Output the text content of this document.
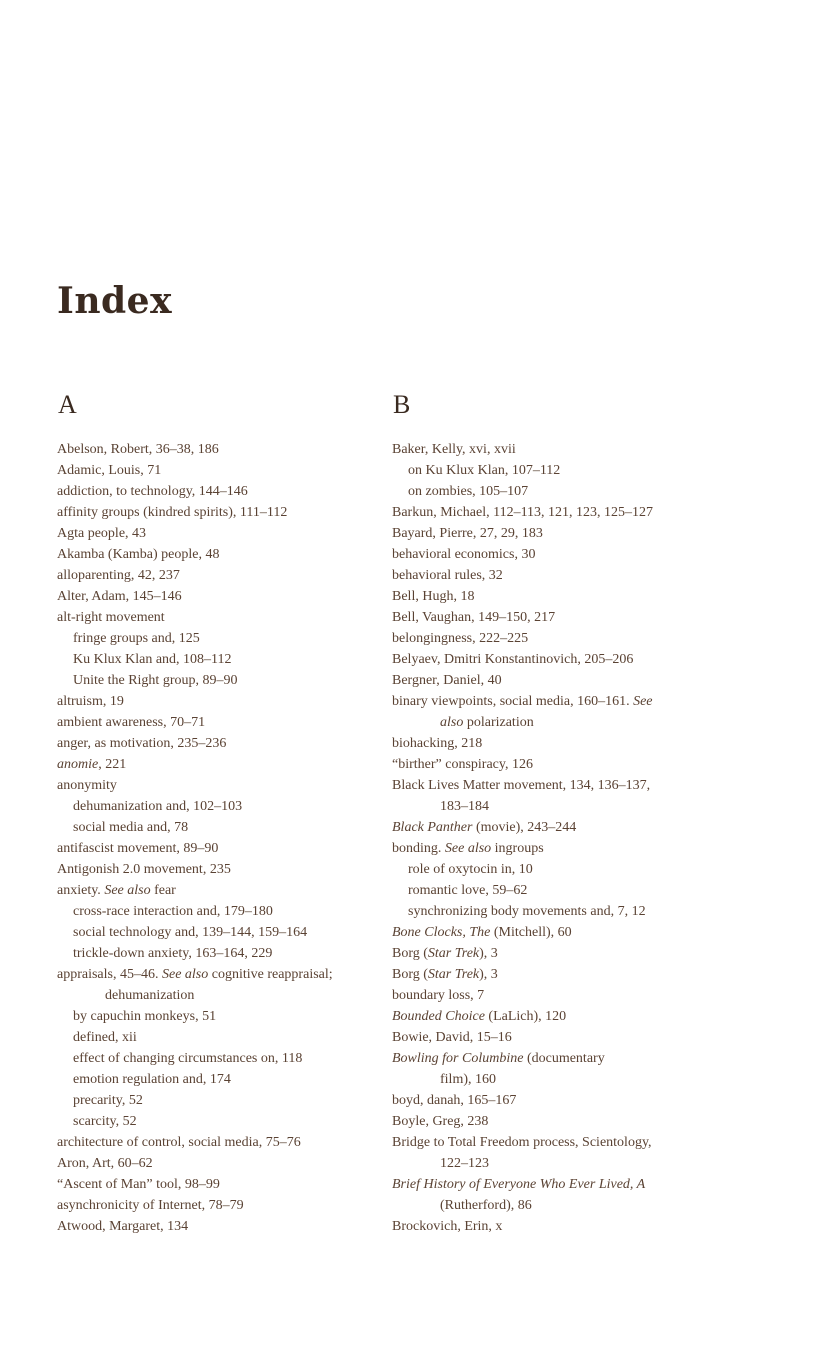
Index
A
Abelson, Robert, 36–38, 186
Adamic, Louis, 71
addiction, to technology, 144–146
affinity groups (kindred spirits), 111–112
Agta people, 43
Akamba (Kamba) people, 48
alloparenting, 42, 237
Alter, Adam, 145–146
alt-right movement
fringe groups and, 125
Ku Klux Klan and, 108–112
Unite the Right group, 89–90
altruism, 19
ambient awareness, 70–71
anger, as motivation, 235–236
anomie, 221
anonymity
dehumanization and, 102–103
social media and, 78
antifascist movement, 89–90
Antigonish 2.0 movement, 235
anxiety. See also fear
cross-race interaction and, 179–180
social technology and, 139–144, 159–164
trickle-down anxiety, 163–164, 229
appraisals, 45–46. See also cognitive reappraisal;
dehumanization
by capuchin monkeys, 51
defined, xii
effect of changing circumstances on, 118
emotion regulation and, 174
precarity, 52
scarcity, 52
architecture of control, social media, 75–76
Aron, Art, 60–62
“Ascent of Man” tool, 98–99
asynchronicity of Internet, 78–79
Atwood, Margaret, 134
B
Baker, Kelly, xvi, xvii
on Ku Klux Klan, 107–112
on zombies, 105–107
Barkun, Michael, 112–113, 121, 123, 125–127
Bayard, Pierre, 27, 29, 183
behavioral economics, 30
behavioral rules, 32
Bell, Hugh, 18
Bell, Vaughan, 149–150, 217
belongingness, 222–225
Belyaev, Dmitri Konstantinovich, 205–206
Bergner, Daniel, 40
binary viewpoints, social media, 160–161. See
also polarization
biohacking, 218
“birther” conspiracy, 126
Black Lives Matter movement, 134, 136–137,
183–184
Black Panther (movie), 243–244
bonding. See also ingroups
role of oxytocin in, 10
romantic love, 59–62
synchronizing body movements and, 7, 12
Bone Clocks, The (Mitchell), 60
Borg (Star Trek), 3
Borg (Star Trek), 3
boundary loss, 7
Bounded Choice (LaLich), 120
Bowie, David, 15–16
Bowling for Columbine (documentary
film), 160
boyd, danah, 165–167
Boyle, Greg, 238
Bridge to Total Freedom process, Scientology,
122–123
Brief History of Everyone Who Ever Lived, A
(Rutherford), 86
Brockovich, Erin, x
